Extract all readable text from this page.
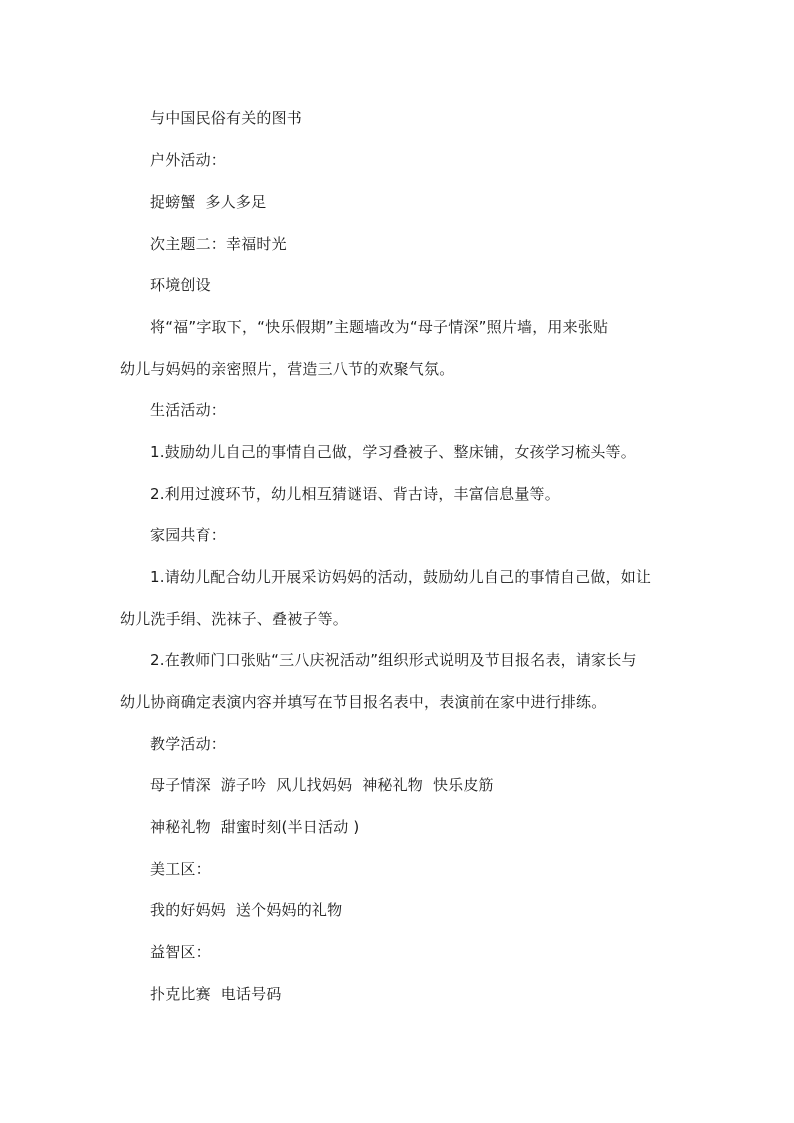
与中国民俗有关的图书
户外活动：
捉螃蟹  多人多足
次主题二：幸福时光
环境创设
将“福”字取下，“快乐假期”主题墙改为“母子情深”照片墙，用来张贴
幼儿与妈妈的亲密照片，营造三八节的欢聚气氛。
生活活动：
1.鼓励幼儿自己的事情自己做，学习叠被子、整床铺，女孩学习梳头等。
2.利用过渡环节，幼儿相互猜谜语、背古诗，丰富信息量等。
家园共育：
1.请幼儿配合幼儿开展采访妈妈的活动，鼓励幼儿自己的事情自己做，如让
幼儿洗手绢、洗袜子、叠被子等。
2.在教师门口张贴“三八庆祝活动”组织形式说明及节目报名表，请家长与
幼儿协商确定表演内容并填写在节目报名表中，表演前在家中进行排练。
教学活动：
母子情深  游子吟  风儿找妈妈  神秘礼物  快乐皮筋
神秘礼物  甜蜜时刻(半日活动 )
美工区：
我的好妈妈  送个妈妈的礼物
益智区：
扑克比赛  电话号码
